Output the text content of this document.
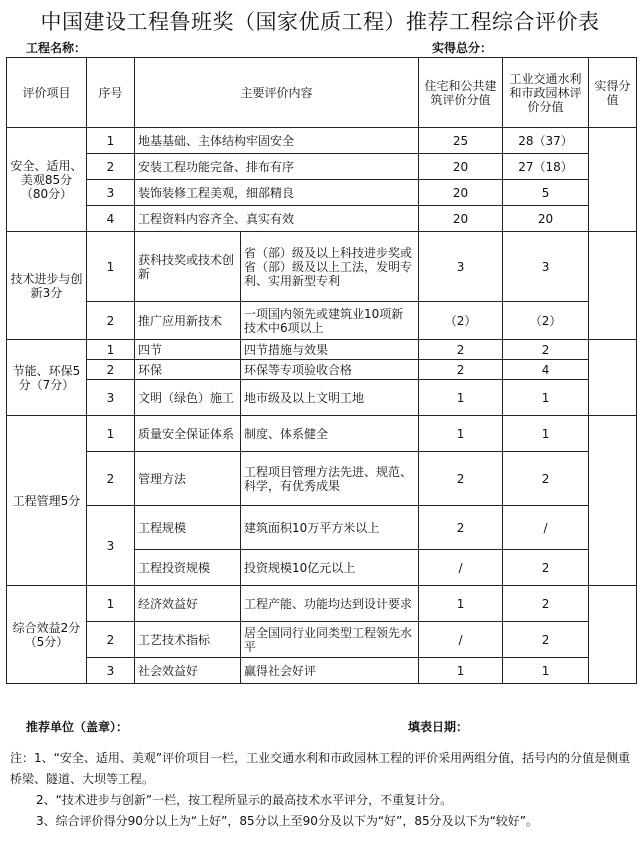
中国建设工程鲁班奖（国家优质工程）推荐工程综合评价表
工程名称：	实得总分：
评价项目	序号	主要评价内容		住宅和公共建筑评价分值	工业交通水利和市政园林评价分值	实得分值
安全、适用、美观85分（80分）	1	地基基础、主体结构牢固安全		25	28（37）	
	2	安装工程功能完备、排布有序		20	27（18）	
	3	装饰装修工程美观，细部精良		20	5	
	4	工程资料内容齐全、真实有效		20	20	
技术进步与创新3分	1	获科技奖或技术创新	省（部）级及以上科技进步奖或省（部）级及以上工法，发明专利、实用新型专利	3	3	
	2	推广应用新技术	一项国内领先或建筑业10项新技术中6项以上	（2）	（2）	
节能、环保5分（7分）	1	四节	四节措施与效果	2	2	
	2	环保	环保等专项验收合格	2	4	
	3	文明（绿色）施工	地市级及以上文明工地	1	1	
工程管理5分	1	质量安全保证体系	制度、体系健全	1	1	
	2	管理方法	工程项目管理方法先进、规范、科学，有优秀成果	2	2	
	3	工程规模	建筑面积10万平方米以上	2	/	
		工程投资规模	投资规模10亿元以上	/	2	
综合效益2分（5分）	1	经济效益好	工程产能、功能均达到设计要求	1	2	
	2	工艺技术指标	居全国同行业同类型工程领先水平	/	2	
	3	社会效益好	赢得社会好评	1	1	
推荐单位（盖章）：	填表日期：

注：1、“安全、适用、美观”评价项目一栏，工业交通水利和市政园林工程的评价采用两组分值，括号内的分值是侧重桥梁、隧道、大坝等工程。

2、“技术进步与创新”一栏，按工程所显示的最高技术水平评分，不重复计分。

3、综合评价得分90分以上为“上好”，85分以上至90分及以下为“好”，85分及以下为“较好”。
